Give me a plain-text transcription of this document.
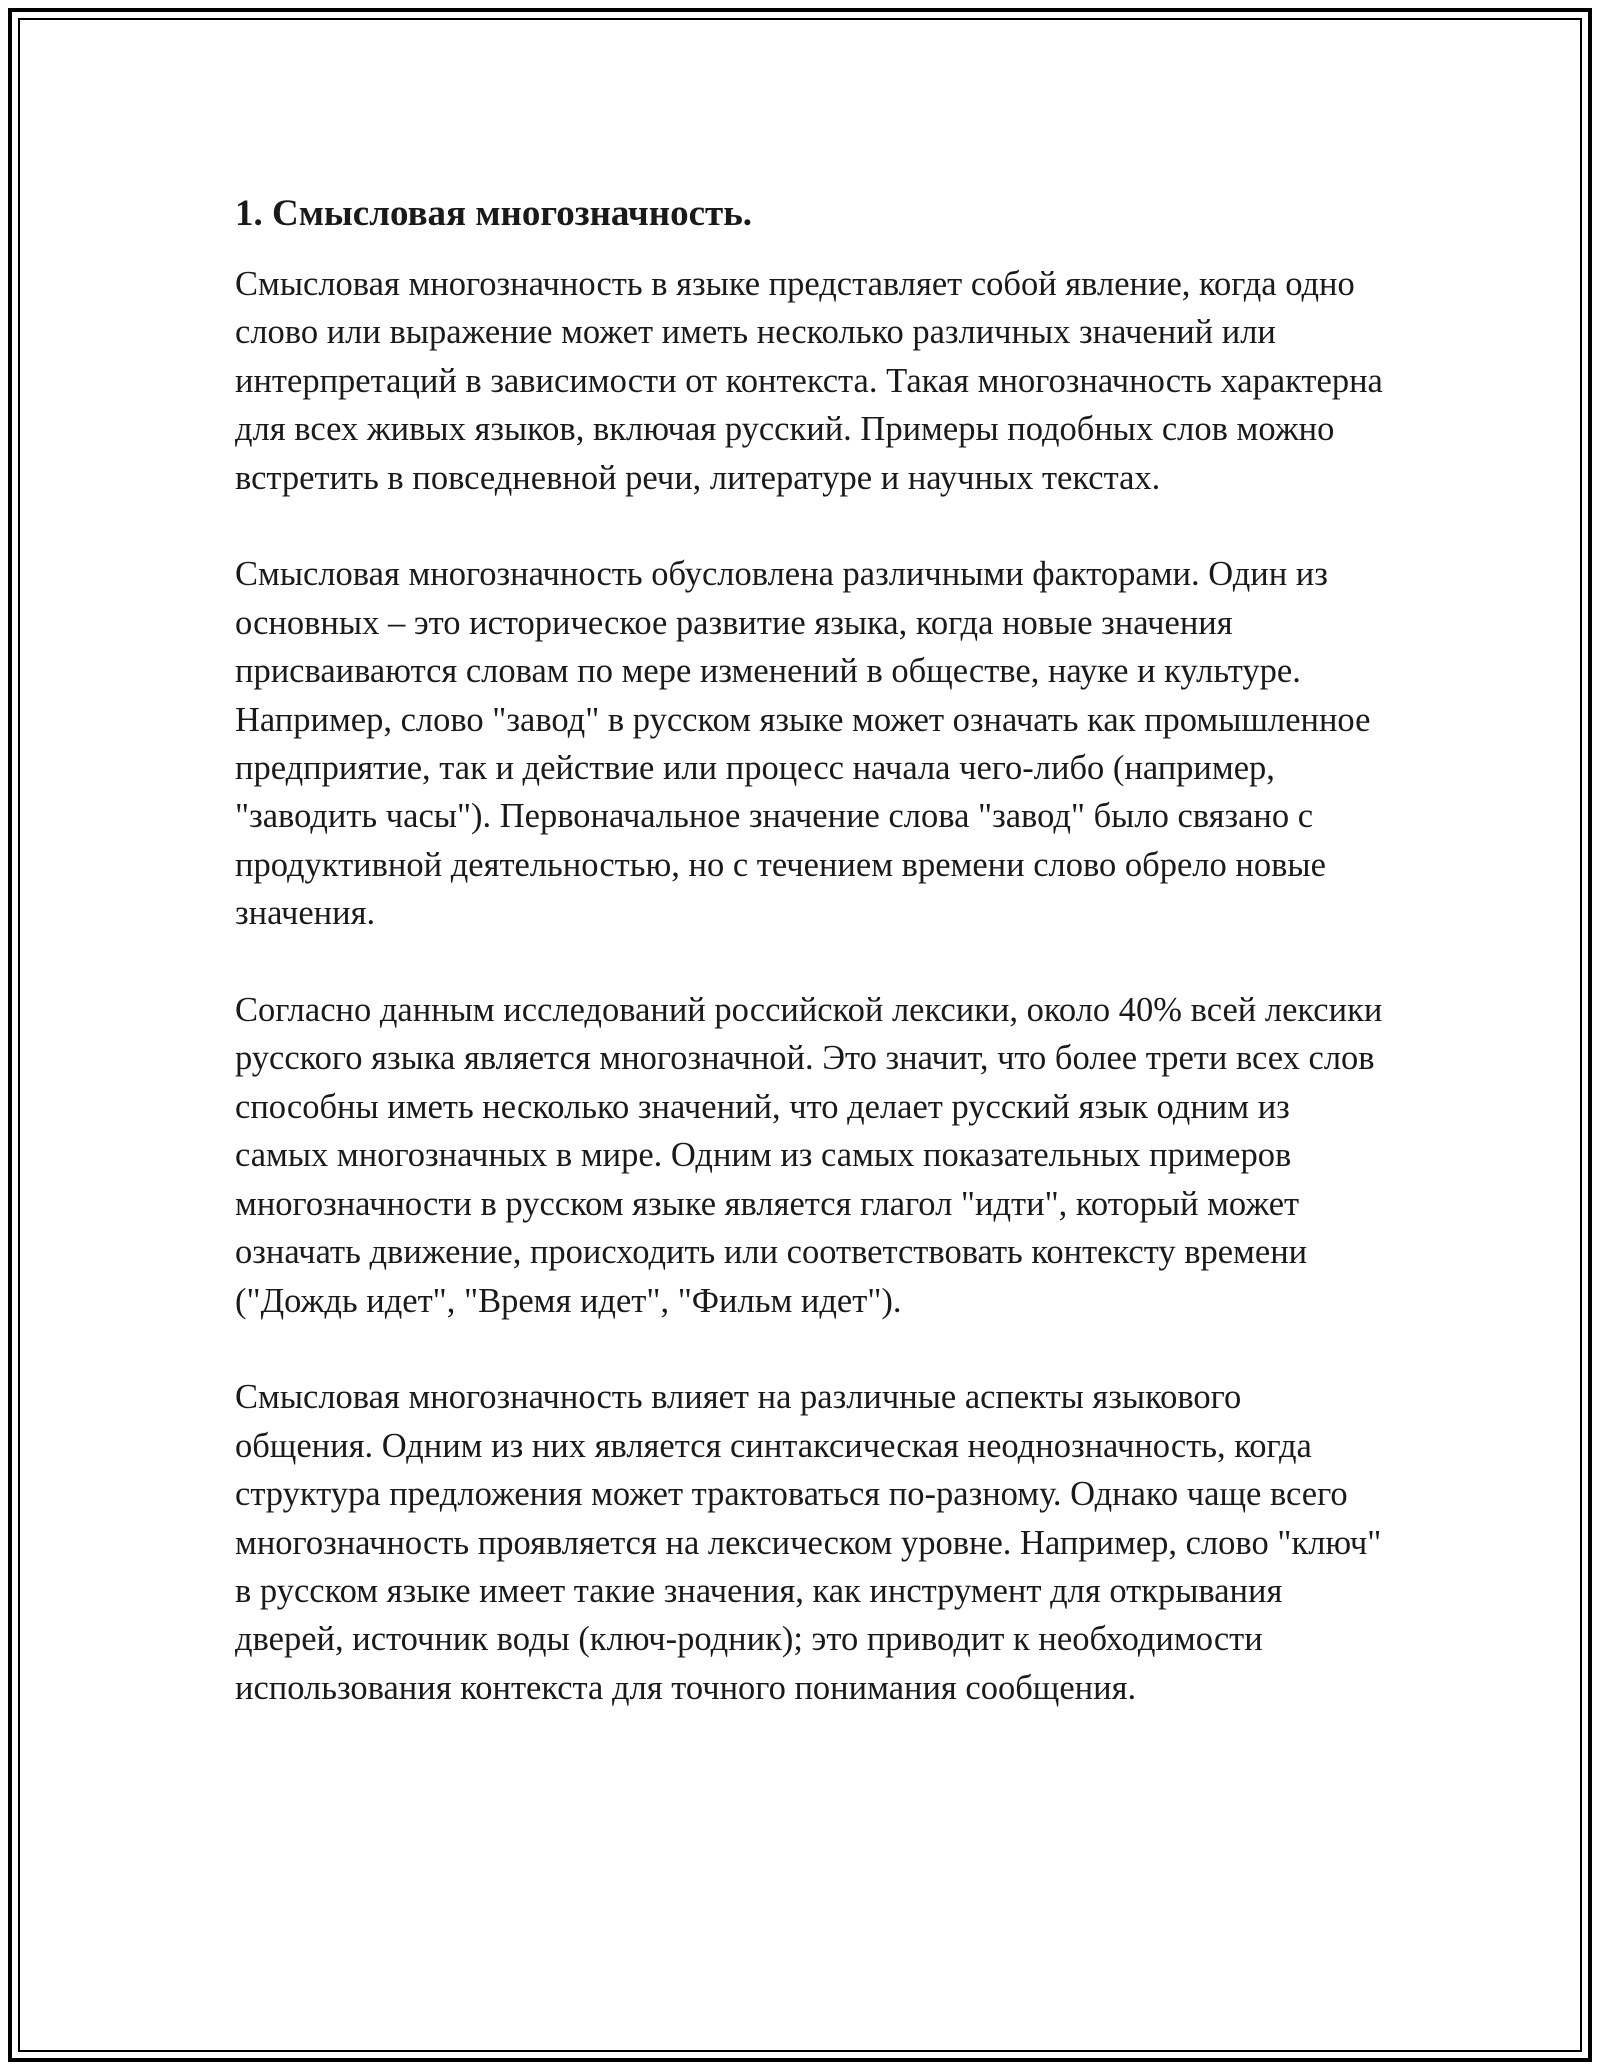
1. Смысловая многозначность.

Смысловая многозначность в языке представляет собой явление, когда одно слово или выражение может иметь несколько различных значений или интерпретаций в зависимости от контекста. Такая многозначность характерна для всех живых языков, включая русский. Примеры подобных слов можно встретить в повседневной речи, литературе и научных текстах.

Смысловая многозначность обусловлена различными факторами. Один из основных – это историческое развитие языка, когда новые значения присваиваются словам по мере изменений в обществе, науке и культуре. Например, слово "завод" в русском языке может означать как промышленное предприятие, так и действие или процесс начала чего-либо (например, "заводить часы"). Первоначальное значение слова "завод" было связано с продуктивной деятельностью, но с течением времени слово обрело новые значения.

Согласно данным исследований российской лексики, около 40% всей лексики русского языка является многозначной. Это значит, что более трети всех слов способны иметь несколько значений, что делает русский язык одним из самых многозначных в мире. Одним из самых показательных примеров многозначности в русском языке является глагол "идти", который может означать движение, происходить или соответствовать контексту времени ("Дождь идет", "Время идет", "Фильм идет").

Смысловая многозначность влияет на различные аспекты языкового общения. Одним из них является синтаксическая неоднозначность, когда структура предложения может трактоваться по-разному. Однако чаще всего многозначность проявляется на лексическом уровне. Например, слово "ключ" в русском языке имеет такие значения, как инструмент для открывания дверей, источник воды (ключ-родник); это приводит к необходимости использования контекста для точного понимания сообщения.
